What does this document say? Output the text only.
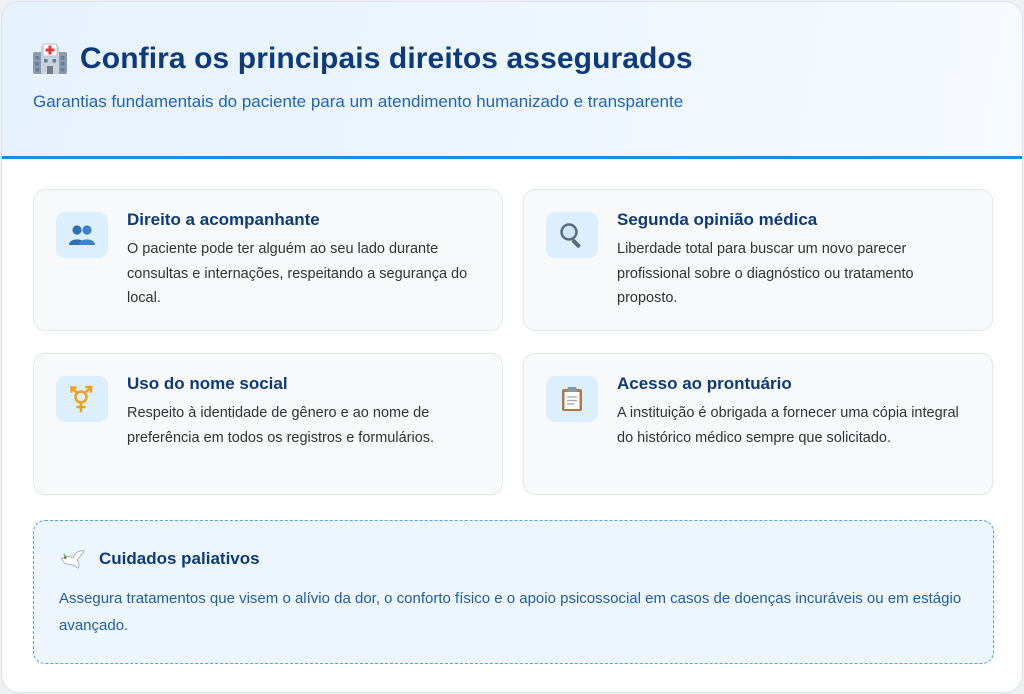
Confira os principais direitos assegurados

Garantias fundamentais do paciente para um atendimento humanizado e transparente

Direito a acompanhante
O paciente pode ter alguém ao seu lado durante consultas e internações, respeitando a segurança do local.
Segunda opinião médica
Liberdade total para buscar um novo parecer profissional sobre o diagnóstico ou tratamento proposto.
Uso do nome social
Respeito à identidade de gênero e ao nome de preferência em todos os registros e formulários.
Acesso ao prontuário
A instituição é obrigada a fornecer uma cópia integral do histórico médico sempre que solicitado.
Cuidados paliativos
Assegura tratamentos que visem o alívio da dor, o conforto físico e o apoio psicossocial em casos de doenças incuráveis ou em estágio avançado.
